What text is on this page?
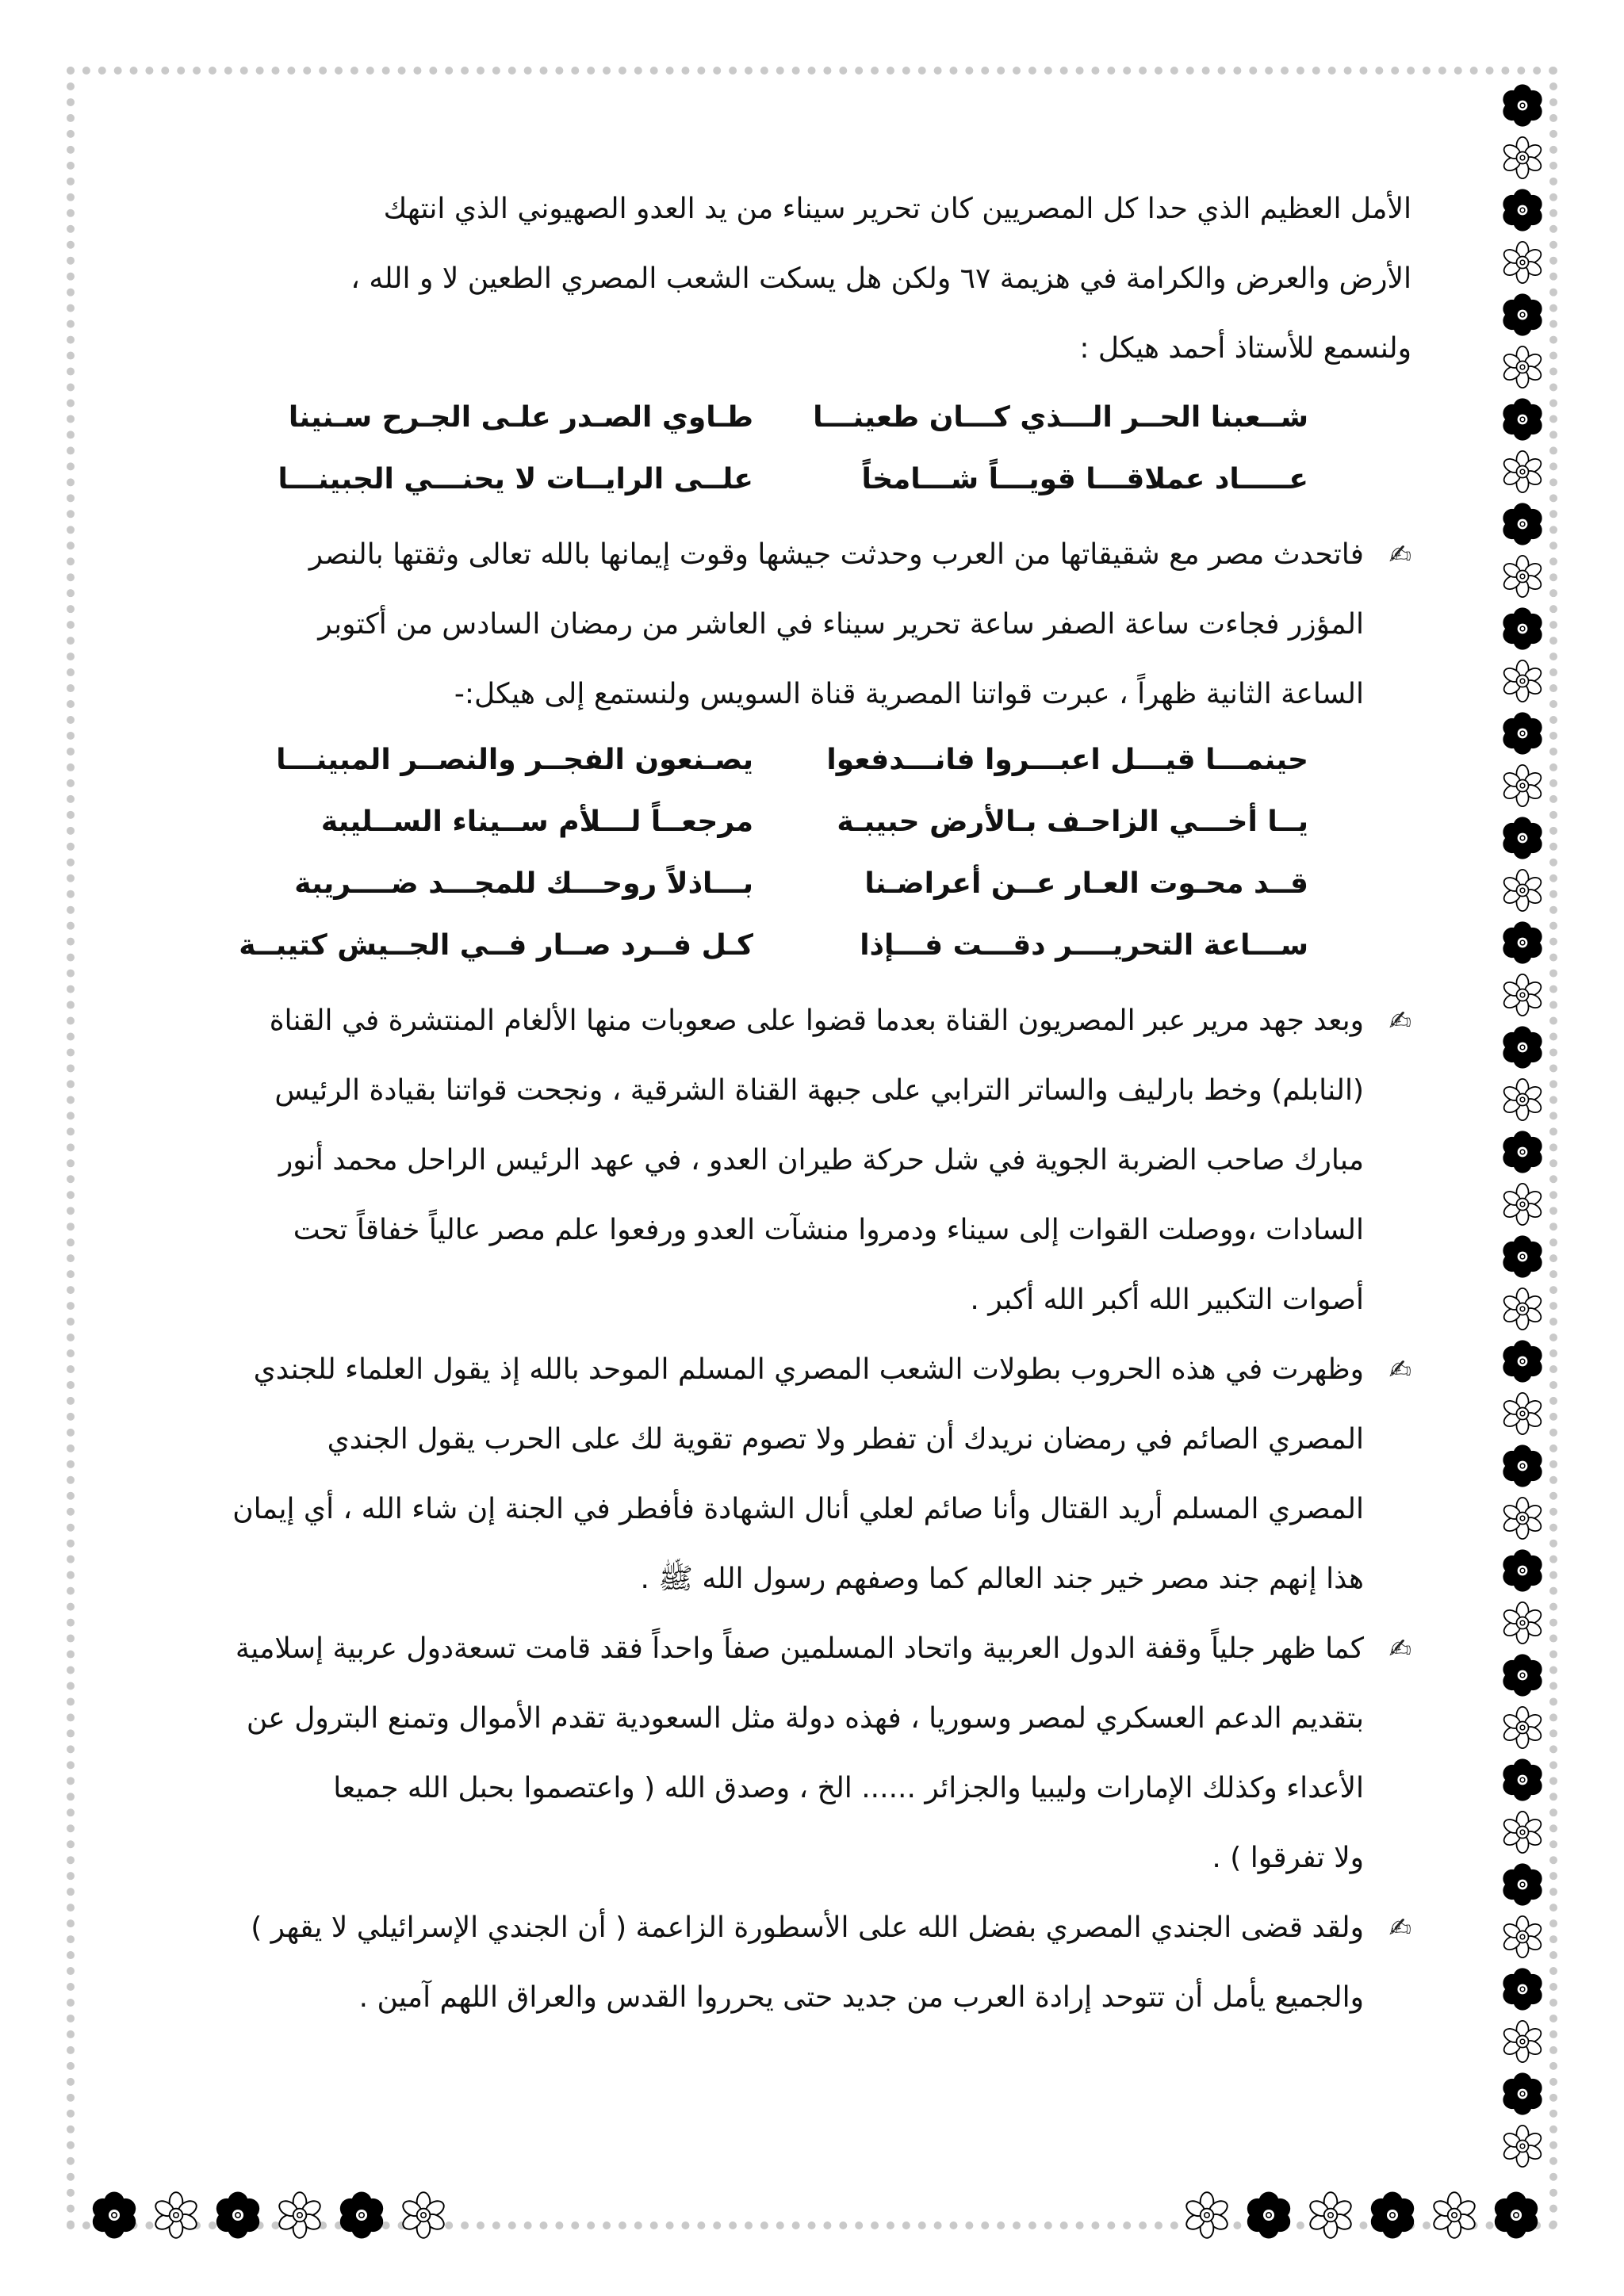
الأمل العظيم الذي حدا كل المصريين كان تحرير سيناء من يد العدو الصهيوني الذي انتهك

الأرض والعرض والكرامة في هزيمة ٦٧ ولكن هل يسكت الشعب المصري الطعين لا و الله ،

ولنسمع للأستاذ أحمد هيكل :

شــعبنا الحــر الـــذي كـــان طعينـــا
طـاوي الصـدر علـى الجـرح سـنينا
عـــــاد عملاقـــا قويـــاً شـــامخاً
علــى الرايــات لا يحنـــي الجبينـــا
✍

فاتحدث مصر مع شقيقاتها من العرب وحدثت جيشها وقوت إيمانها بالله تعالى وثقتها بالنصر

المؤزر فجاءت ساعة الصفر ساعة تحرير سيناء في العاشر من رمضان السادس من أكتوبر

الساعة الثانية ظهراً ، عبرت قواتنا المصرية قناة السويس ولنستمع إلى هيكل:-

حينمـــا قيـــل اعبـــروا فانـــدفعوا
يصـنعون الفجــر والنصــر المبينـــا
يــا أخـــي الزاحـف بـالأرض حبيبـة
مرجعــاً لـــلأم ســيناء الســليبة
قــد محـوت العـار عــن أعراضـنا
بـــاذلاً روحـــك للمجـــد ضــــريبة
ســـاعة التحريــــر دقـــت فـــإذا
كـل فــرد صــار فــي الجــيش كتيبــة
✍

وبعد جهد مرير عبر المصريون القناة بعدما قضوا على صعوبات منها الألغام المنتشرة في القناة

(النابلم) وخط بارليف والساتر الترابي على جبهة القناة الشرقية ، ونجحت قواتنا بقيادة الرئيس

مبارك صاحب الضربة الجوية في شل حركة طيران العدو ، في عهد الرئيس الراحل محمد أنور

السادات ،ووصلت القوات إلى سيناء ودمروا منشآت العدو ورفعوا علم مصر عالياً خفاقاً تحت

أصوات التكبير الله أكبر الله أكبر .

✍

وظهرت في هذه الحروب بطولات الشعب المصري المسلم الموحد بالله إذ يقول العلماء للجندي

المصري الصائم في رمضان نريدك أن تفطر ولا تصوم تقوية لك على الحرب يقول الجندي

المصري المسلم أريد القتال وأنا صائم لعلي أنال الشهادة فأفطر في الجنة إن شاء الله ، أي إيمان

هذا إنهم جند مصر خير جند العالم كما وصفهم رسول الله ﷺ .

✍

كما ظهر جلياً وقفة الدول العربية واتحاد المسلمين صفاً واحداً فقد قامت تسعةدول عربية إسلامية

بتقديم الدعم العسكري لمصر وسوريا ، فهذه دولة مثل السعودية تقدم الأموال وتمنع البترول عن

الأعداء وكذلك الإمارات وليبيا والجزائر ...... الخ ، وصدق الله ( واعتصموا بحبل الله جميعا

ولا تفرقوا ) .

✍

ولقد قضى الجندي المصري بفضل الله على الأسطورة الزاعمة ( أن الجندي الإسرائيلي لا يقهر )

والجميع يأمل أن تتوحد إرادة العرب من جديد حتى يحرروا القدس والعراق اللهم آمين .
